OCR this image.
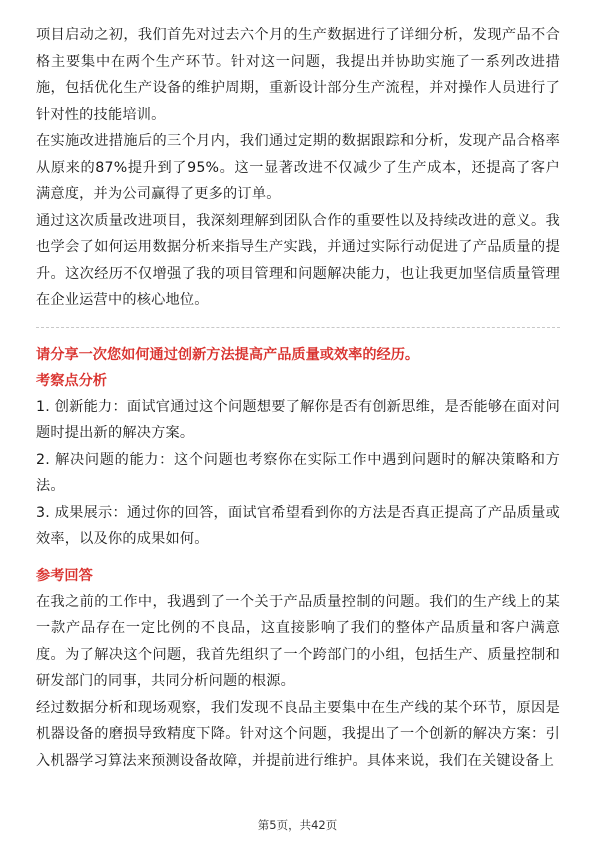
项目启动之初，我们首先对过去六个月的生产数据进行了详细分析，发现产品不合格主要集中在两个生产环节。针对这一问题，我提出并协助实施了一系列改进措施，包括优化生产设备的维护周期，重新设计部分生产流程，并对操作人员进行了针对性的技能培训。

在实施改进措施后的三个月内，我们通过定期的数据跟踪和分析，发现产品合格率从原来的87%提升到了95%。这一显著改进不仅减少了生产成本，还提高了客户满意度，并为公司赢得了更多的订单。

通过这次质量改进项目，我深刻理解到团队合作的重要性以及持续改进的意义。我也学会了如何运用数据分析来指导生产实践，并通过实际行动促进了产品质量的提升。这次经历不仅增强了我的项目管理和问题解决能力，也让我更加坚信质量管理在企业运营中的核心地位。

请分享一次您如何通过创新方法提高产品质量或效率的经历。
考察点分析

1. 创新能力：面试官通过这个问题想要了解你是否有创新思维，是否能够在面对问题时提出新的解决方案。

2. 解决问题的能力：这个问题也考察你在实际工作中遇到问题时的解决策略和方法。

3. 成果展示：通过你的回答，面试官希望看到你的方法是否真正提高了产品质量或效率，以及你的成果如何。

参考回答

在我之前的工作中，我遇到了一个关于产品质量控制的问题。我们的生产线上的某一款产品存在一定比例的不良品，这直接影响了我们的整体产品质量和客户满意度。为了解决这个问题，我首先组织了一个跨部门的小组，包括生产、质量控制和研发部门的同事，共同分析问题的根源。

经过数据分析和现场观察，我们发现不良品主要集中在生产线的某个环节，原因是机器设备的磨损导致精度下降。针对这个问题，我提出了一个创新的解决方案：引入机器学习算法来预测设备故障，并提前进行维护。具体来说，我们在关键设备上

第5页，共42页
